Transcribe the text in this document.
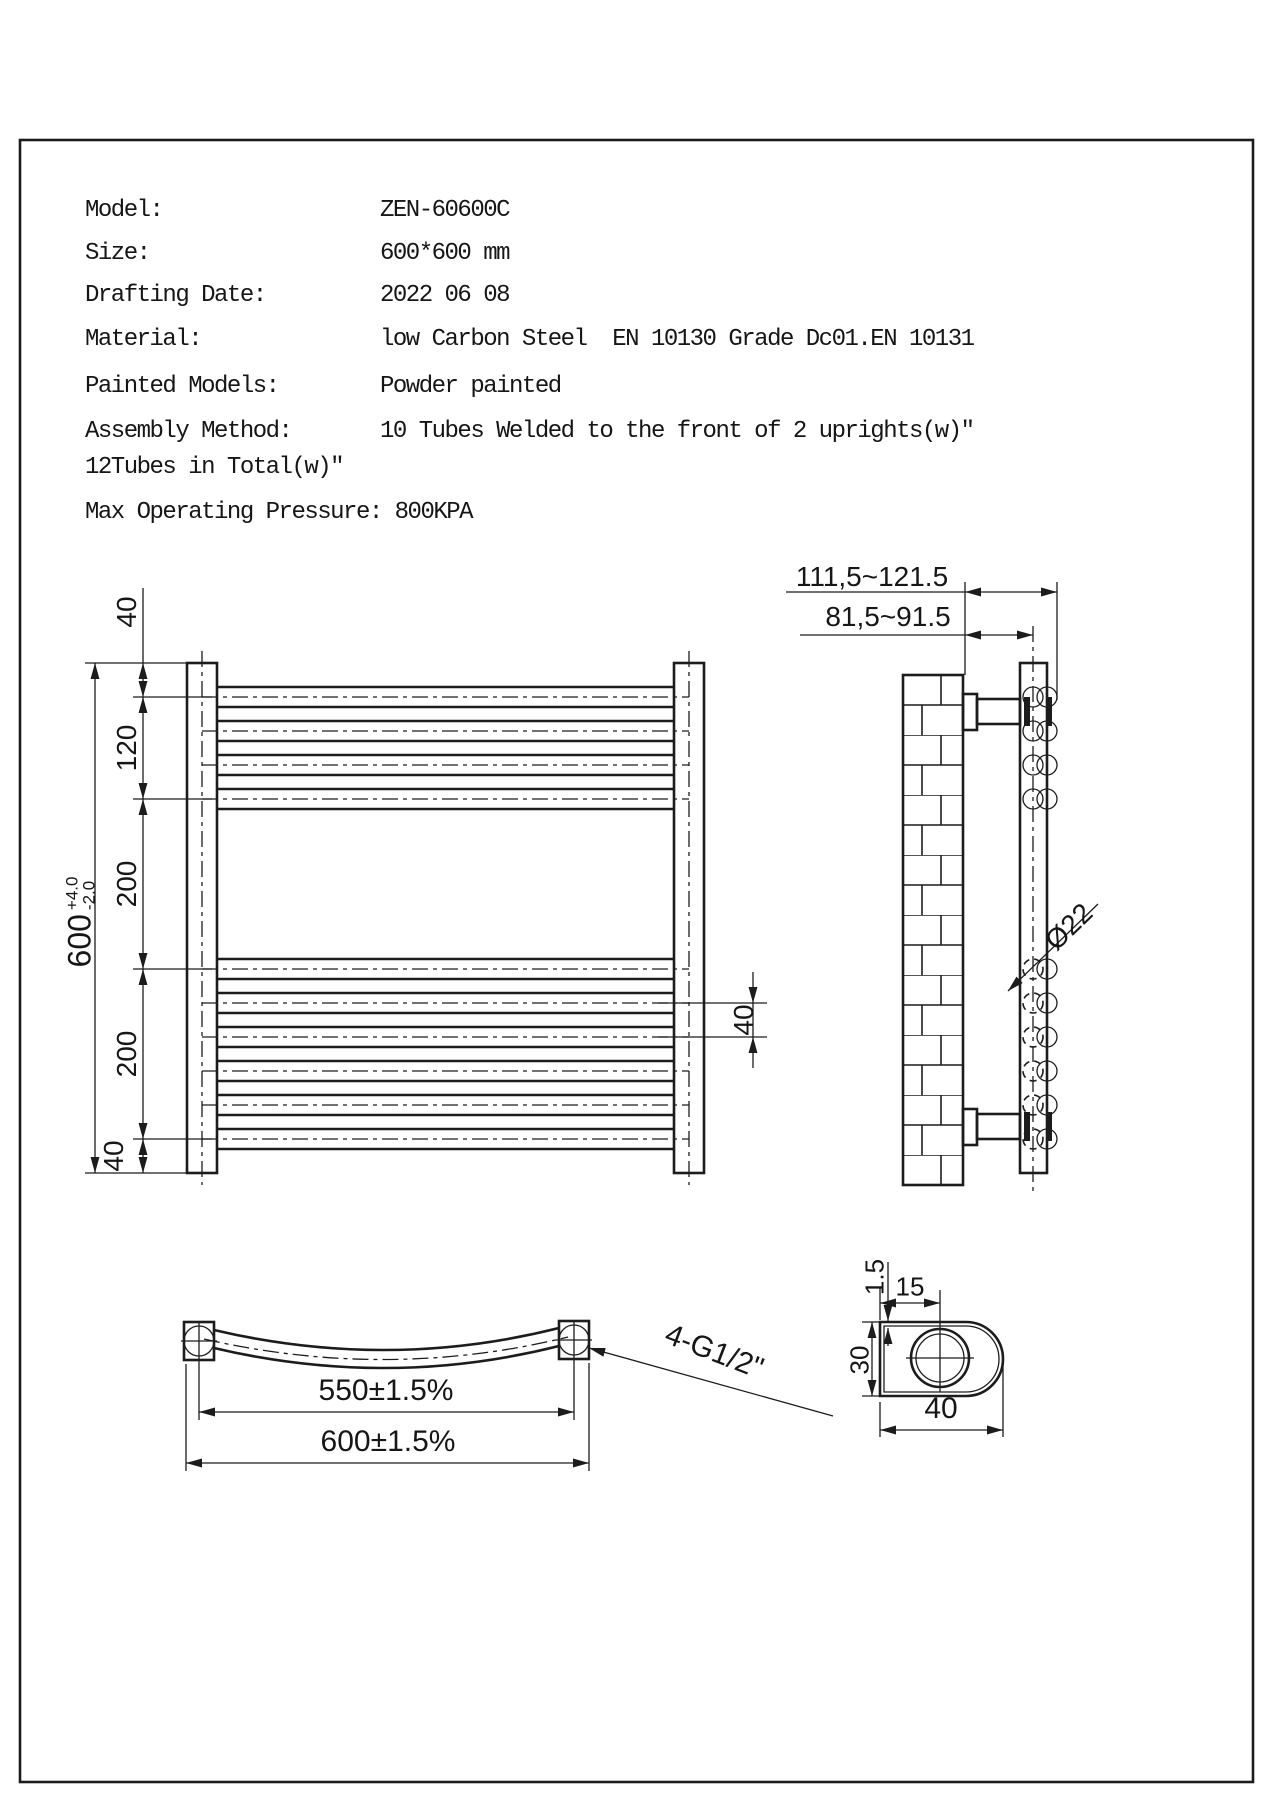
Model:	ZEN-60600C
Size:	600*600 mm
Drafting Date:	2022 06 08
Material:	low Carbon Steel  EN 10130 Grade Dc01.EN 10131
Painted Models:	Powder painted
Assembly Method:	10 Tubes Welded to the front of 2 uprights(w)″
12Tubes in Total(w)″
Max Operating Pressure: 800KPA
40
120
200
200
40
600
+4.0
-2.0
40
111,5~121.5
81,5~91.5
Ø22
550±1.5%
600±1.5%
4-G1/2"
1.5 15
30
40
